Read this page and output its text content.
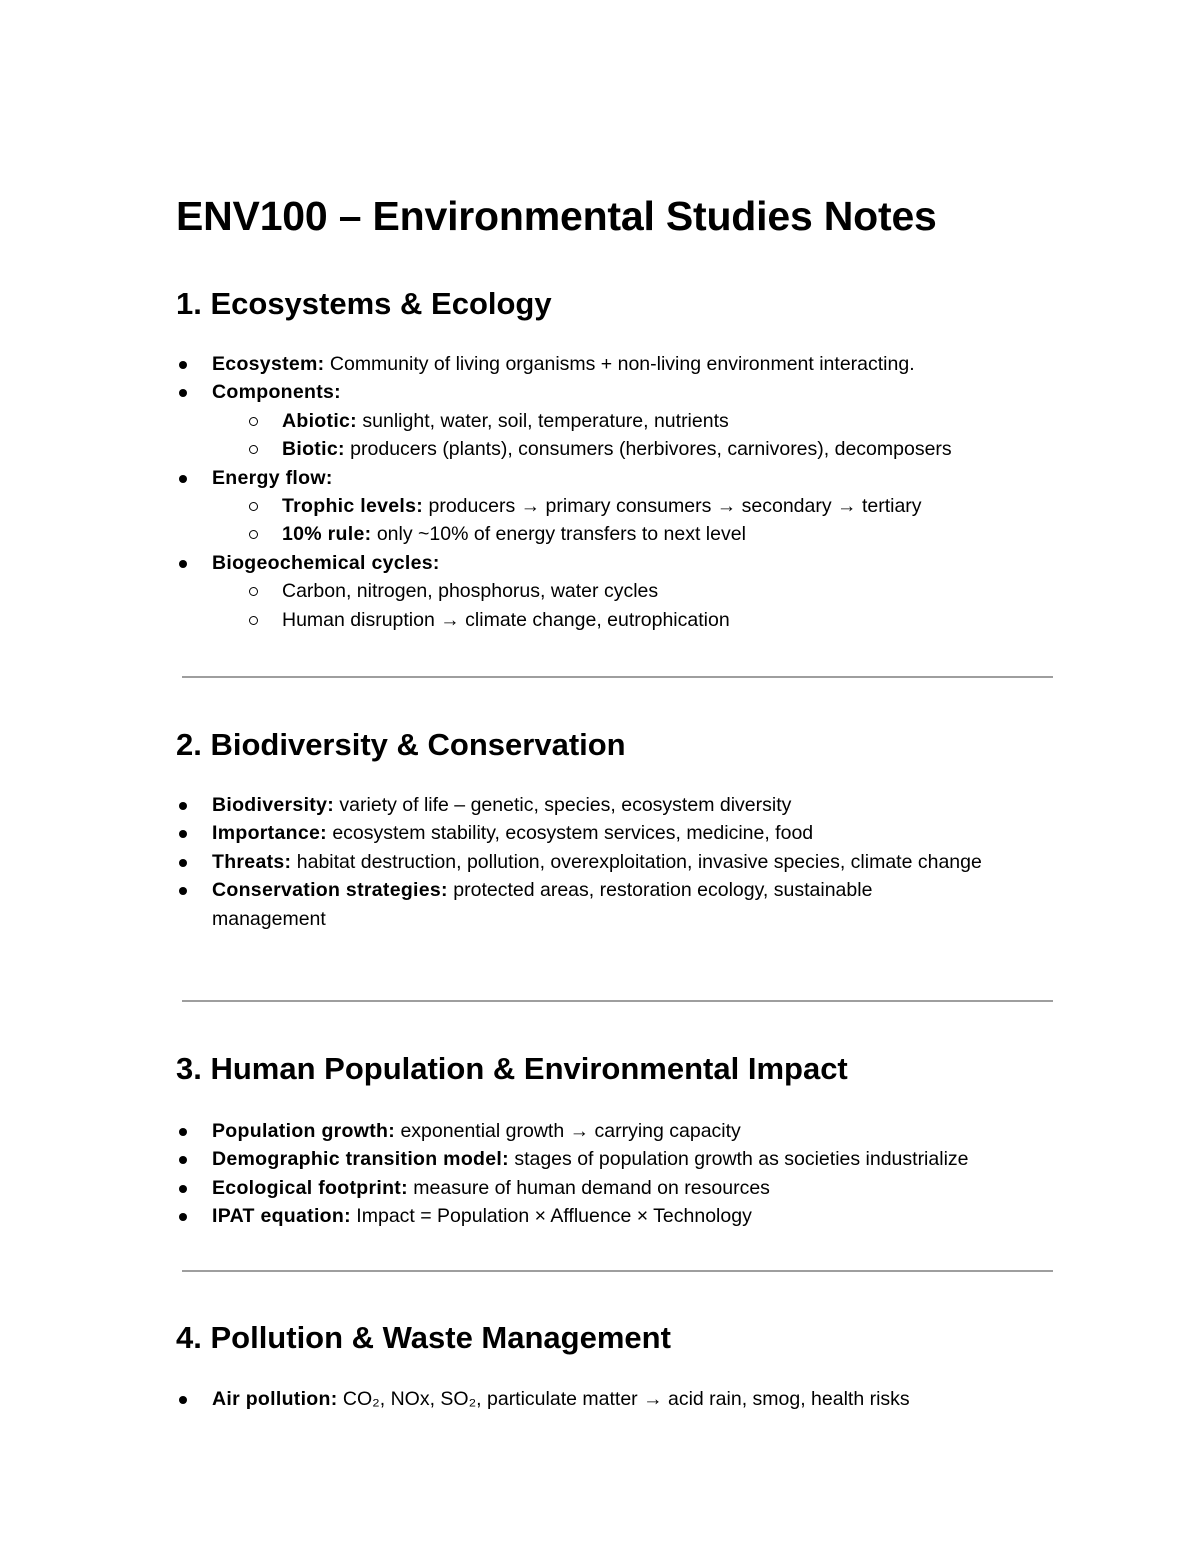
ENV100 – Environmental Studies Notes
1. Ecosystems & Ecology
Ecosystem: Community of living organisms + non-living environment interacting.
Components:
Abiotic: sunlight, water, soil, temperature, nutrients
Biotic: producers (plants), consumers (herbivores, carnivores), decomposers
Energy flow:
Trophic levels: producers → primary consumers → secondary → tertiary
10% rule: only ~10% of energy transfers to next level
Biogeochemical cycles:
Carbon, nitrogen, phosphorus, water cycles
Human disruption → climate change, eutrophication
2. Biodiversity & Conservation
Biodiversity: variety of life – genetic, species, ecosystem diversity
Importance: ecosystem stability, ecosystem services, medicine, food
Threats: habitat destruction, pollution, overexploitation, invasive species, climate change
Conservation strategies: protected areas, restoration ecology, sustainable management
3. Human Population & Environmental Impact
Population growth: exponential growth → carrying capacity
Demographic transition model: stages of population growth as societies industrialize
Ecological footprint: measure of human demand on resources
IPAT equation: Impact = Population × Affluence × Technology
4. Pollution & Waste Management
Air pollution: CO₂, NOx, SO₂, particulate matter → acid rain, smog, health risks
